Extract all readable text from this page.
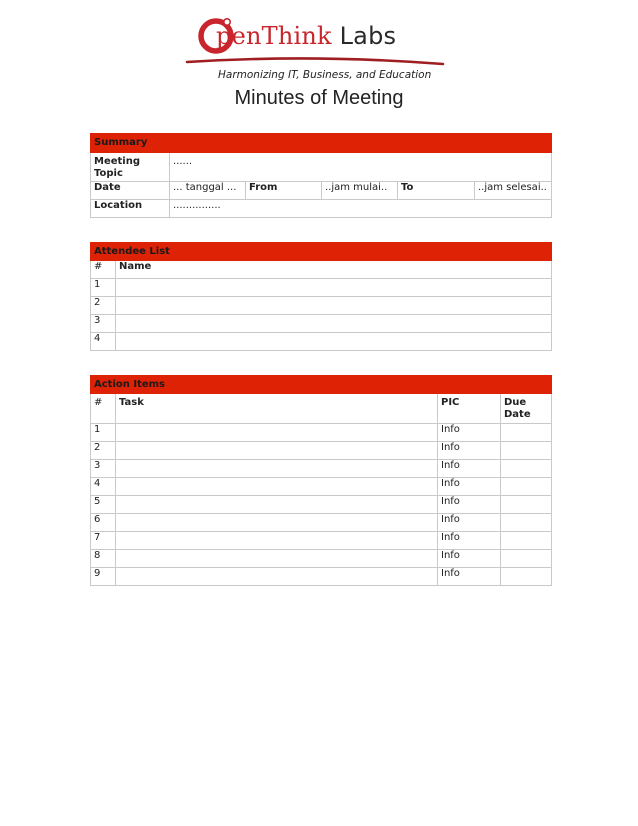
penThink Labs
Harmonizing IT, Business, and Education
Minutes of Meeting
Summary					
Meeting Topic	......				
Date	... tanggal ...	From	..jam mulai..	To	..jam selesai..
Location	...............				
Attendee List	
#	Name
1	
2	
3	
4	
Action Items			
#	Task	PIC	Due Date
1		Info	
2		Info	
3		Info	
4		Info	
5		Info	
6		Info	
7		Info	
8		Info	
9		Info	
